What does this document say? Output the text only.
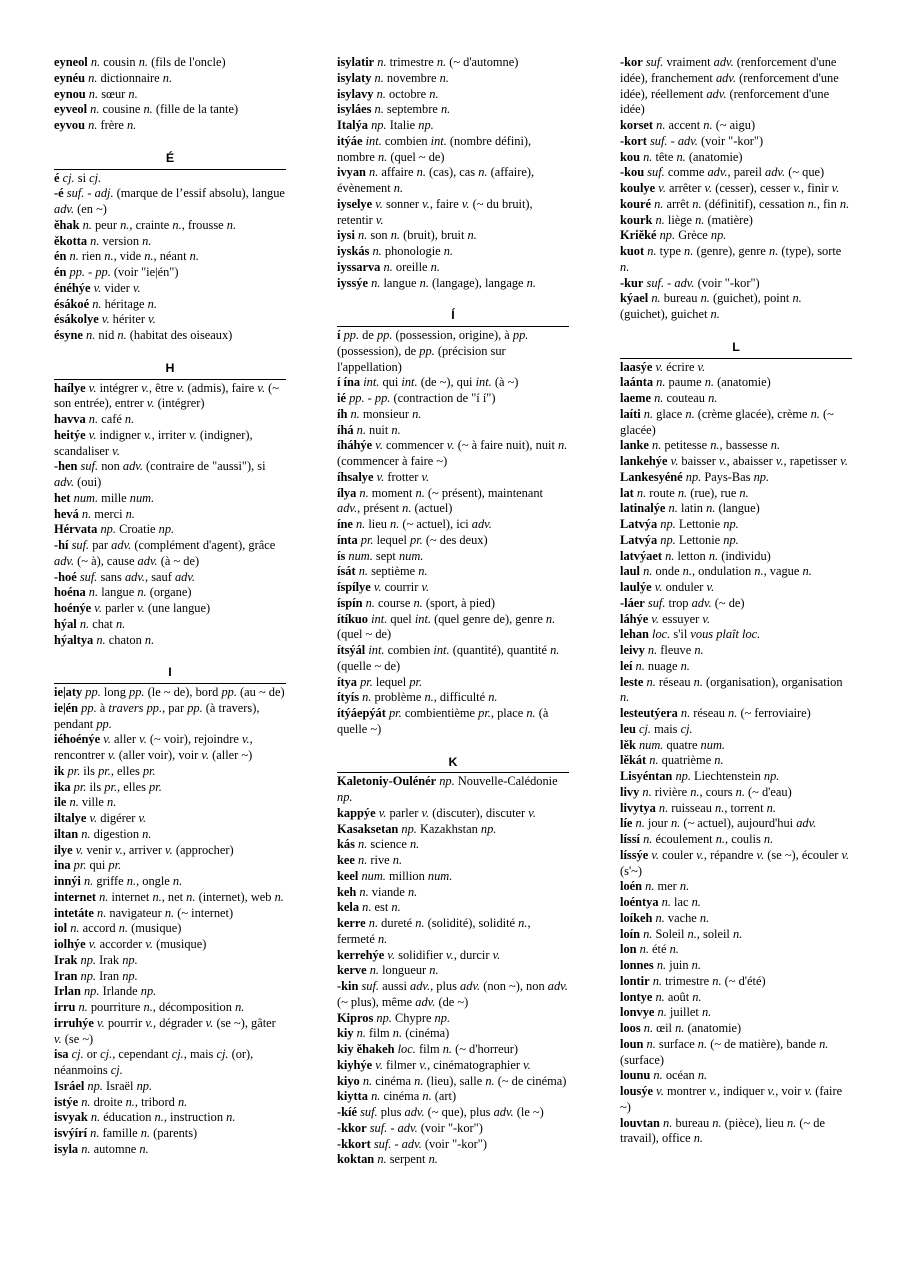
eyneol n. cousin n. (fils de l'oncle)
eynéu n. dictionnaire n.
eynou n. sœur n.
eyveol n. cousine n. (fille de la tante)
eyvou n. frère n.
É
é cj. si cj.
-é suf. - adj. (marque de l’essif absolu), langue adv. (en ~)
ěhak n. peur n., crainte n., frousse n.
ěkotta n. version n.
én n. rien n., vide n., néant n.
én pp. - pp. (voir "ie|én")
énéhýe v. vider v.
ésákoé n. héritage n.
ésákolye v. hériter v.
ésyne n. nid n. (habitat des oiseaux)
H
haílye v. intégrer v., être v. (admis), faire v. (~ son entrée), entrer v. (intégrer)
havva n. café n.
heitýe v. indigner v., irriter v. (indigner), scandaliser v.
-hen suf. non adv. (contraire de "aussi"), si adv. (oui)
het num. mille num.
hevá n. merci n.
Hérvata np. Croatie np.
-hí suf. par adv. (complément d'agent), grâce adv. (~ à), cause adv. (à ~ de)
-hoé suf. sans adv., sauf adv.
hoéna n. langue n. (organe)
hoénýe v. parler v. (une langue)
hýal n. chat n.
hýaltya n. chaton n.
I
ie|aty pp. long pp. (le ~ de), bord pp. (au ~ de)
ie|én pp. à travers pp., par pp. (à travers), pendant pp.
iéhoénýe v. aller v. (~ voir), rejoindre v., rencontrer v. (aller voir), voir v. (aller ~)
ik pr. ils pr., elles pr.
ika pr. ils pr., elles pr.
ile n. ville n.
iltalye v. digérer v.
iltan n. digestion n.
ilye v. venir v., arriver v. (approcher)
ina pr. qui pr.
innýi n. griffe n., ongle n.
internet n. internet n., net n. (internet), web n.
intetáte n. navigateur n. (~ internet)
iol n. accord n. (musique)
iolhýe v. accorder v. (musique)
Irak np. Irak np.
Iran np. Iran np.
Irlan np. Irlande np.
irru n. pourriture n., décomposition n.
irruhýe v. pourrir v., dégrader v. (se ~), gâter v. (se ~)
isa cj. or cj., cependant cj., mais cj. (or), néanmoins cj.
Isráel np. Israël np.
istýe n. droite n., tribord n.
isvyak n. éducation n., instruction n.
isvýírí n. famille n. (parents)
isyla n. automne n.
isylatir n. trimestre n. (~ d'automne)
isylaty n. novembre n.
isylavy n. octobre n.
isyláes n. septembre n.
Italýa np. Italie np.
itýáe int. combien int. (nombre défini), nombre n. (quel ~ de)
ivyan n. affaire n. (cas), cas n. (affaire), évènement n.
iyselye v. sonner v., faire v. (~ du bruit), retentir v.
iysi n. son n. (bruit), bruit n.
iyskás n. phonologie n.
iyssarva n. oreille n.
iyssýe n. langue n. (langage), langage n.
Í
í pp. de pp. (possession, origine), à pp. (possession), de pp. (précision sur l'appellation)
í ína int. qui int. (de ~), qui int. (à ~)
ié pp. - pp. (contraction de "í í")
íh n. monsieur n.
íhá n. nuit n.
íháhýe v. commencer v. (~ à faire nuit), nuit n. (commencer à faire ~)
íhsalye v. frotter v.
ílya n. moment n. (~ présent), maintenant adv., présent n. (actuel)
íne n. lieu n. (~ actuel), ici adv.
ínta pr. lequel pr. (~ des deux)
ís num. sept num.
ísát n. septième n.
íspílye v. courrir v.
íspín n. course n. (sport, à pied)
ítíkuo int. quel int. (quel genre de), genre n. (quel ~ de)
ítsýál int. combien int. (quantité), quantité n. (quelle ~ de)
ítya pr. lequel pr.
ítyís n. problème n., difficulté n.
ítýáepýát pr. combientième pr., place n. (à quelle ~)
K
Kaletoniy-Oulénér np. Nouvelle-Calédonie np.
kappýe v. parler v. (discuter), discuter v.
Kasaksetan np. Kazakhstan np.
kás n. science n.
kee n. rive n.
keel num. million num.
keh n. viande n.
kela n. est n.
kerre n. dureté n. (solidité), solidité n., fermeté n.
kerrehýe v. solidifier v., durcir v.
kerve n. longueur n.
-kin suf. aussi adv., plus adv. (non ~), non adv. (~ plus), même adv. (de ~)
Kipros np. Chypre np.
kiy n. film n. (cinéma)
kiy ěhakeh loc. film n. (~ d'horreur)
kiyhýe v. filmer v., cinématographier v.
kiyo n. cinéma n. (lieu), salle n. (~ de cinéma)
kiytta n. cinéma n. (art)
-kíé suf. plus adv. (~ que), plus adv. (le ~)
-kkor suf. - adv. (voir "-kor")
-kkort suf. - adv. (voir "-kor")
koktan n. serpent n.
-kor suf. vraiment adv. (renforcement d'une idée), franchement adv. (renforcement d'une idée), réellement adv. (renforcement d'une idée)
korset n. accent n. (~ aigu)
-kort suf. - adv. (voir "-kor")
kou n. tête n. (anatomie)
-kou suf. comme adv., pareil adv. (~ que)
koulye v. arrêter v. (cesser), cesser v., finir v.
kouré n. arrêt n. (définitif), cessation n., fin n.
kourk n. liège n. (matière)
Kriěké np. Grèce np.
kuot n. type n. (genre), genre n. (type), sorte n.
-kur suf. - adv. (voir "-kor")
kýael n. bureau n. (guichet), point n. (guichet), guichet n.
L
laasýe v. écrire v.
laánta n. paume n. (anatomie)
laeme n. couteau n.
laíti n. glace n. (crème glacée), crème n. (~ glacée)
lanke n. petitesse n., bassesse n.
lankehýe v. baisser v., abaisser v., rapetisser v.
Lankesyéné np. Pays-Bas np.
lat n. route n. (rue), rue n.
latinalýe n. latin n. (langue)
Latvýa np. Lettonie np.
Latvýa np. Lettonie np.
latvýaet n. letton n. (individu)
laul n. onde n., ondulation n., vague n.
laulýe v. onduler v.
-láer suf. trop adv. (~ de)
láhýe v. essuyer v.
lehan loc. s'il vous plaît loc.
leivy n. fleuve n.
leí n. nuage n.
leste n. réseau n. (organisation), organisation n.
lesteutýera n. réseau n. (~ ferroviaire)
leu cj. mais cj.
lěk num. quatre num.
lěkát n. quatrième n.
Lisyéntan np. Liechtenstein np.
livy n. rivière n., cours n. (~ d'eau)
livytya n. ruisseau n., torrent n.
líe n. jour n. (~ actuel), aujourd'hui adv.
líssí n. écoulement n., coulis n.
líssýe v. couler v., répandre v. (se ~), écouler v. (s'~)
loén n. mer n.
loéntya n. lac n.
loíkeh n. vache n.
loín n. Soleil n., soleil n.
lon n. été n.
lonnes n. juin n.
lontir n. trimestre n. (~ d'été)
lontye n. août n.
lonvye n. juillet n.
loos n. œil n. (anatomie)
loun n. surface n. (~ de matière), bande n. (surface)
lounu n. océan n.
lousýe v. montrer v., indiquer v., voir v. (faire ~)
louvtan n. bureau n. (pièce), lieu n. (~ de travail), office n.
